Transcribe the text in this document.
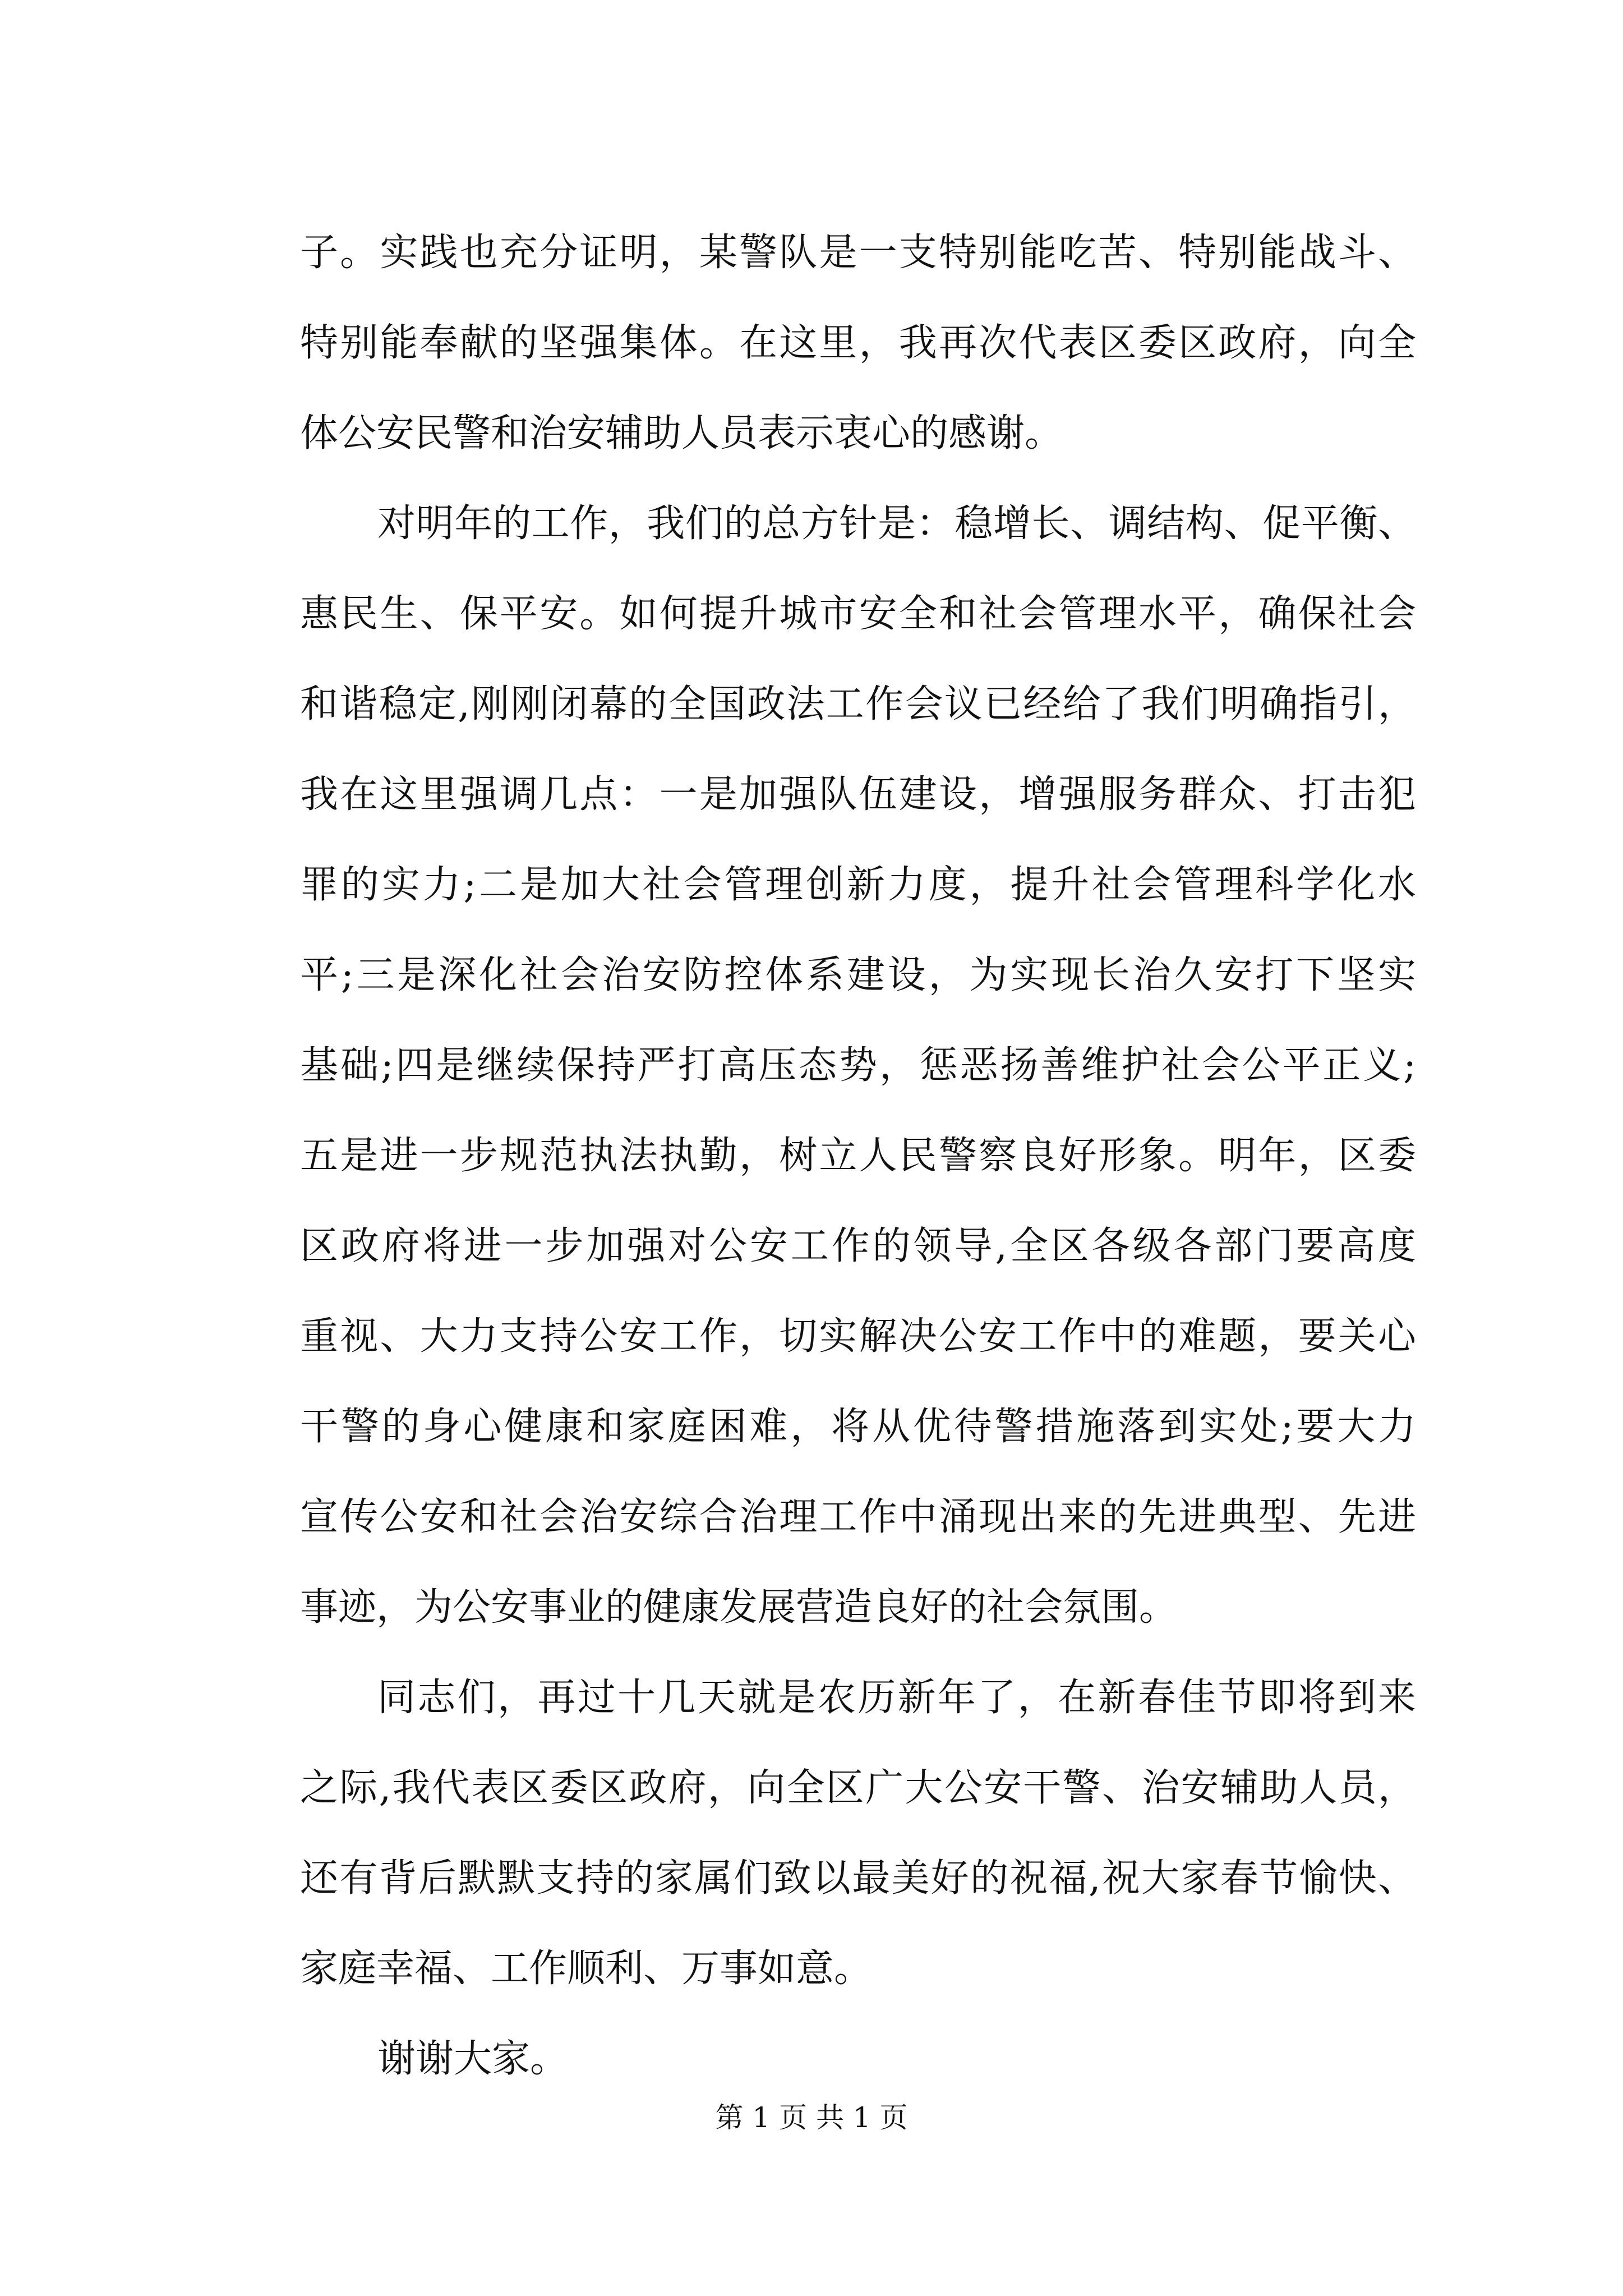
子。实践也充分证明，某警队是一支特别能吃苦、特别能战斗、
特别能奉献的坚强集体。在这里，我再次代表区委区政府，向全
体公安民警和治安辅助人员表示衷心的感谢。
对明年的工作，我们的总方针是：稳增长、调结构、促平衡、
惠民生、保平安。如何提升城市安全和社会管理水平，确保社会
和谐稳定,刚刚闭幕的全国政法工作会议已经给了我们明确指引，
我在这里强调几点：一是加强队伍建设，增强服务群众、打击犯
罪的实力;二是加大社会管理创新力度，提升社会管理科学化水
平;三是深化社会治安防控体系建设，为实现长治久安打下坚实
基础;四是继续保持严打高压态势，惩恶扬善维护社会公平正义;
五是进一步规范执法执勤，树立人民警察良好形象。明年，区委
区政府将进一步加强对公安工作的领导,全区各级各部门要高度
重视、大力支持公安工作，切实解决公安工作中的难题，要关心
干警的身心健康和家庭困难，将从优待警措施落到实处;要大力
宣传公安和社会治安综合治理工作中涌现出来的先进典型、先进
事迹，为公安事业的健康发展营造良好的社会氛围。
同志们，再过十几天就是农历新年了，在新春佳节即将到来
之际,我代表区委区政府，向全区广大公安干警、治安辅助人员，
还有背后默默支持的家属们致以最美好的祝福,祝大家春节愉快、
家庭幸福、工作顺利、万事如意。
谢谢大家。
第 1 页 共 1 页
